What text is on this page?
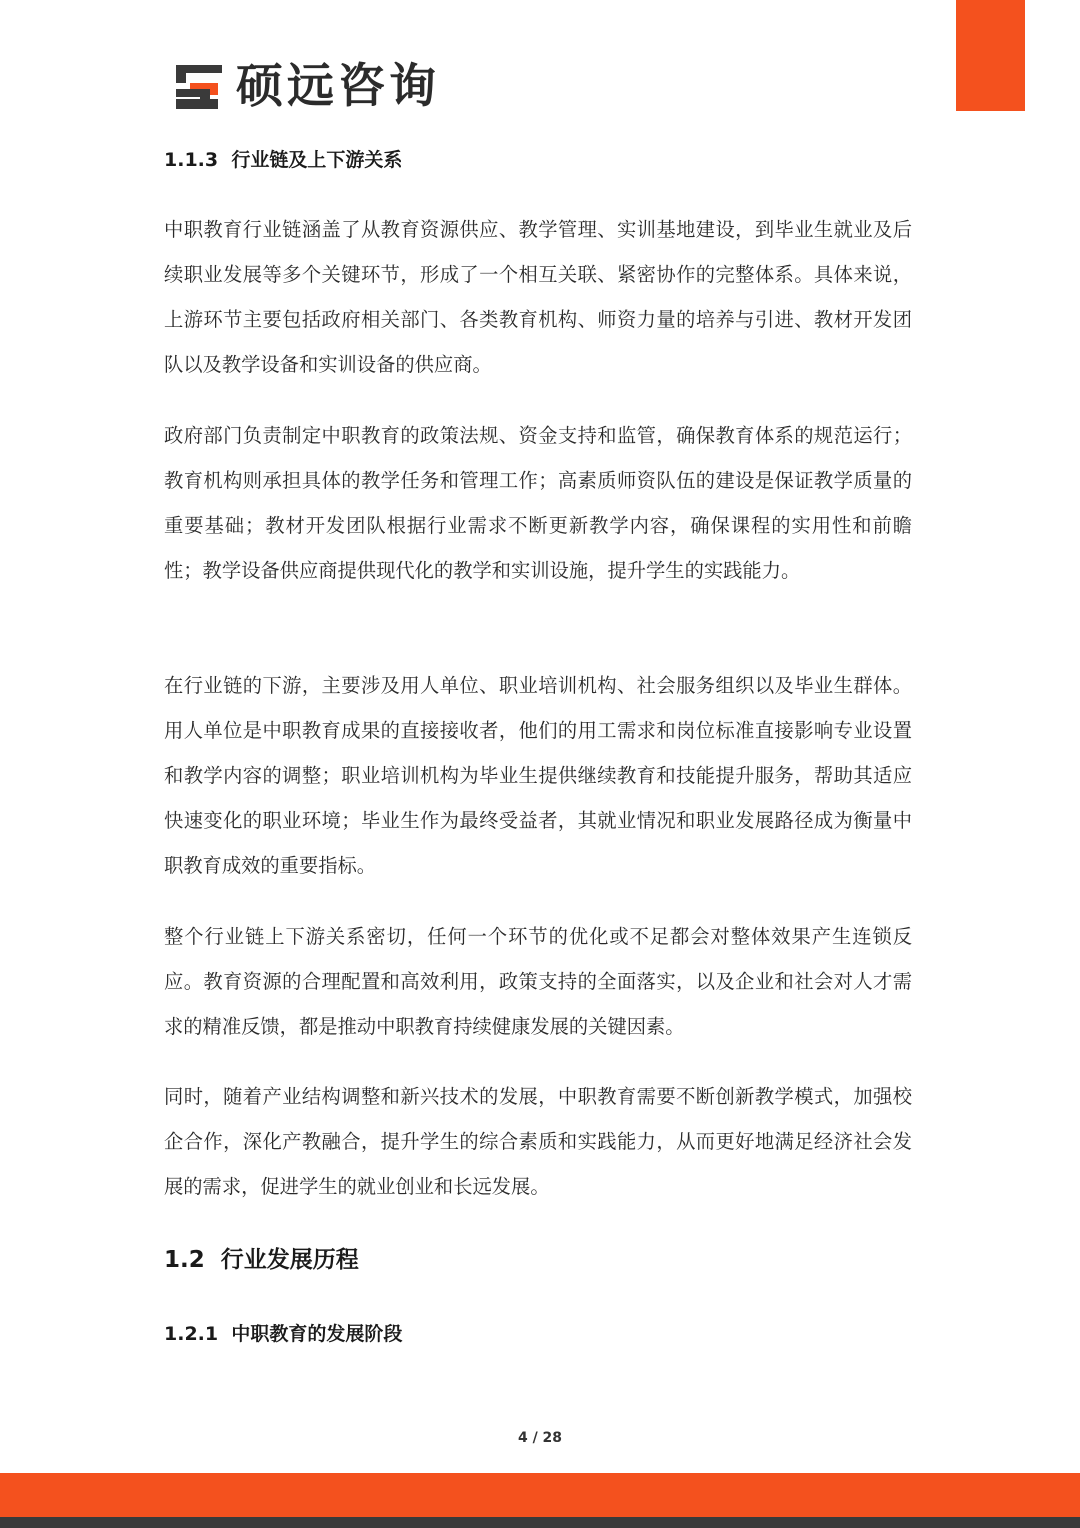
硕远咨询
1.1.3 行业链及上下游关系

中职教育行业链涵盖了从教育资源供应、教学管理、实训基地建设，到毕业生就业及后续职业发展等多个关键环节，形成了一个相互关联、紧密协作的完整体系。具体来说，上游环节主要包括政府相关部门、各类教育机构、师资力量的培养与引进、教材开发团队以及教学设备和实训设备的供应商。

政府部门负责制定中职教育的政策法规、资金支持和监管，确保教育体系的规范运行；教育机构则承担具体的教学任务和管理工作；高素质师资队伍的建设是保证教学质量的重要基础；教材开发团队根据行业需求不断更新教学内容，确保课程的实用性和前瞻性；教学设备供应商提供现代化的教学和实训设施，提升学生的实践能力。

在行业链的下游，主要涉及用人单位、职业培训机构、社会服务组织以及毕业生群体。用人单位是中职教育成果的直接接收者，他们的用工需求和岗位标准直接影响专业设置和教学内容的调整；职业培训机构为毕业生提供继续教育和技能提升服务，帮助其适应快速变化的职业环境；毕业生作为最终受益者，其就业情况和职业发展路径成为衡量中职教育成效的重要指标。

整个行业链上下游关系密切，任何一个环节的优化或不足都会对整体效果产生连锁反应。教育资源的合理配置和高效利用，政策支持的全面落实，以及企业和社会对人才需求的精准反馈，都是推动中职教育持续健康发展的关键因素。

同时，随着产业结构调整和新兴技术的发展，中职教育需要不断创新教学模式，加强校企合作，深化产教融合，提升学生的综合素质和实践能力，从而更好地满足经济社会发展的需求，促进学生的就业创业和长远发展。

1.2 行业发展历程
1.2.1 中职教育的发展阶段
4 / 28
